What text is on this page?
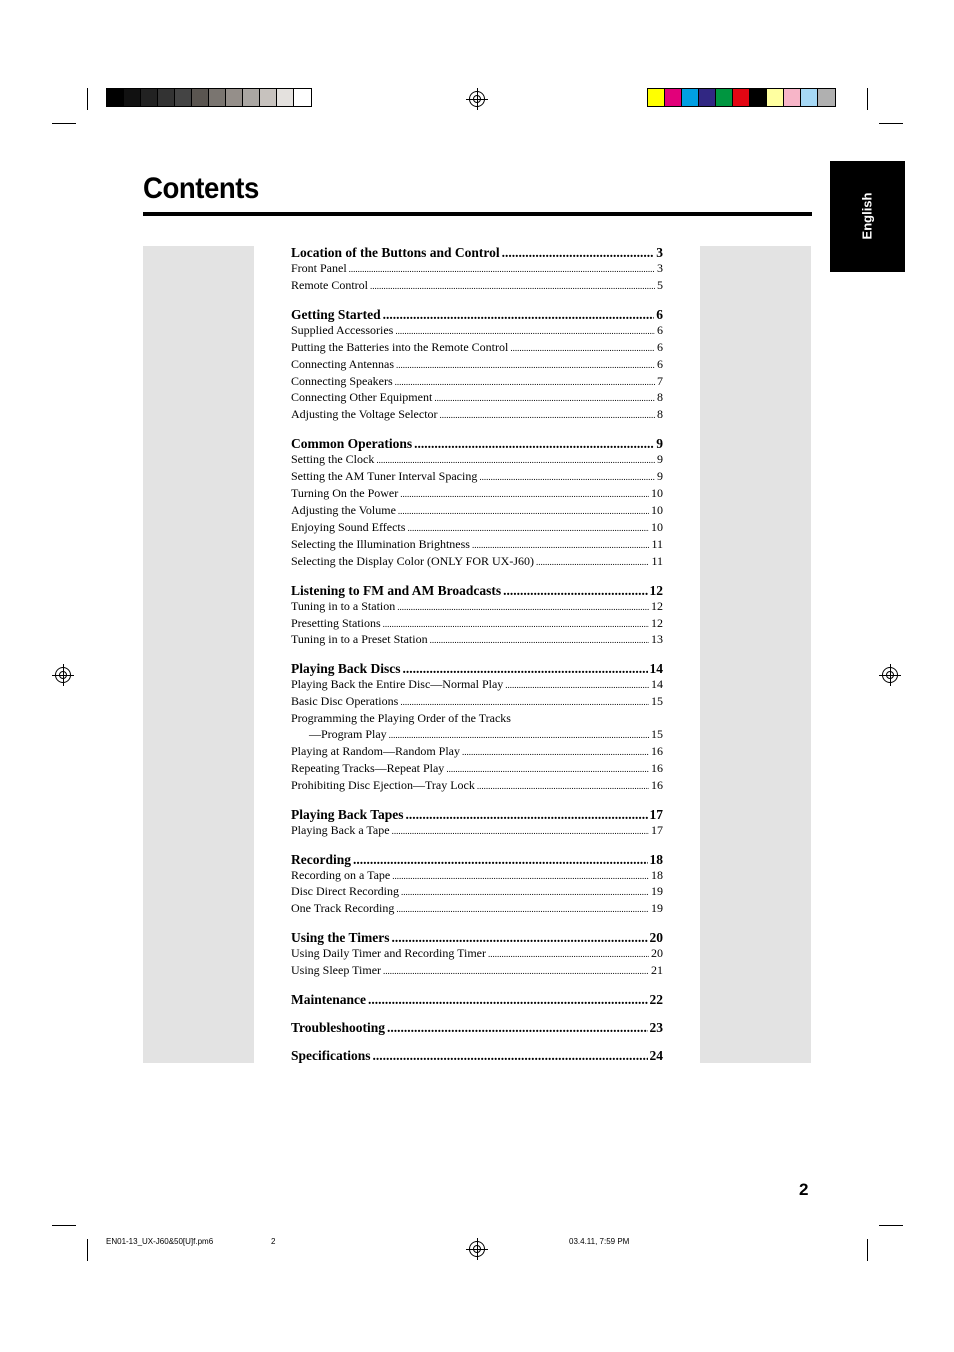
Contents
English
Location of the Buttons and Control .....	3
Front Panel .....	3
Remote Control .....	5
Getting Started .....	6
Supplied Accessories .....	6
Putting the Batteries into the Remote Control .....	6
Connecting Antennas .....	6
Connecting Speakers .....	7
Connecting Other Equipment .....	8
Adjusting the Voltage Selector .....	8
Common Operations .....	9
Setting the Clock .....	9
Setting the AM Tuner Interval Spacing .....	9
Turning On the Power .....	10
Adjusting the Volume .....	10
Enjoying Sound Effects .....	10
Selecting the Illumination Brightness .....	11
Selecting the Display Color (ONLY FOR UX-J60) .....	11
Listening to FM and AM Broadcasts .....	12
Tuning in to a Station .....	12
Presetting Stations .....	12
Tuning in to a Preset Station .....	13
Playing Back Discs .....	14
Playing Back the Entire Disc—Normal Play .....	14
Basic Disc Operations .....	15
Programming the Playing Order of the Tracks
—Program Play .....	15
Playing at Random—Random Play .....	16
Repeating Tracks—Repeat Play .....	16
Prohibiting Disc Ejection—Tray Lock .....	16
Playing Back Tapes .....	17
Playing Back a Tape .....	17
Recording .....	18
Recording on a Tape .....	18
Disc Direct Recording .....	19
One Track Recording .....	19
Using the Timers .....	20
Using Daily Timer and Recording Timer .....	20
Using Sleep Timer .....	21
Maintenance .....	22
Troubleshooting .....	23
Specifications .....	24
2
EN01-13_UX-J60&50[U]f.pm6	2	03.4.11, 7:59 PM
